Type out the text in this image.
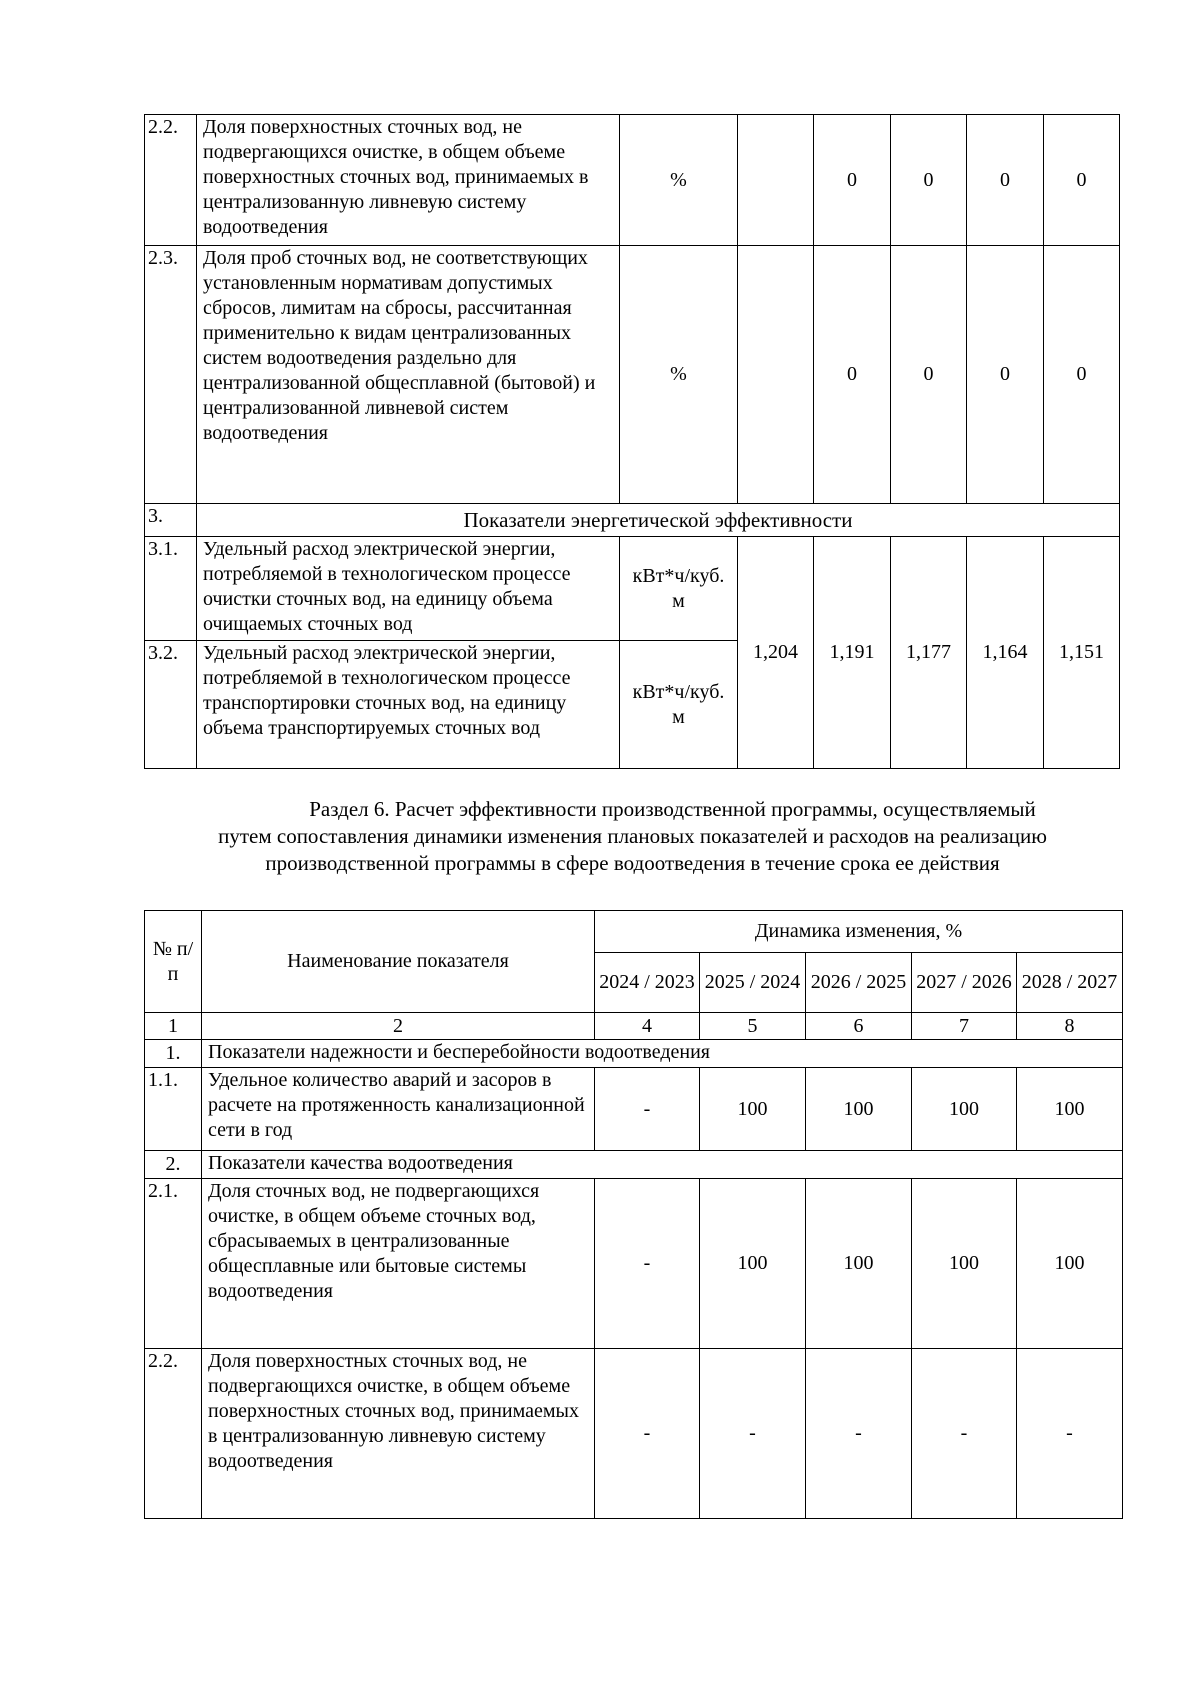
2.2.	Доля поверхностных сточных вод, не подвергающихся очистке, в общем объеме поверхностных сточных вод, принимаемых в централизованную ливневую систему водоотведения	%		0	0	0	0
2.3.	Доля проб сточных вод, не соответствующих установленным нормативам допустимых сбросов, лимитам на сбросы, рассчитанная применительно к видам централизованных систем водоотведения раздельно для централизованной общесплавной (бытовой) и централизованной ливневой систем водоотведения	%		0	0	0	0
3.	Показатели энергетической эффективности						
3.1.	Удельный расход электрической энергии, потребляемой в технологическом процессе очистки сточных вод, на единицу объема очищаемых сточных вод	кВт*ч/куб. м	1,204	1,191	1,177	1,164	1,151
3.2.	Удельный расход электрической энергии, потребляемой в технологическом процессе транспортировки сточных вод, на единицу объема транспортируемых сточных вод	кВт*ч/куб. м					
Раздел 6. Расчет эффективности производственной программы, осуществляемый
путем сопоставления динамики изменения плановых показателей и расходов на реализацию
производственной программы в сфере водоотведения в течение срока ее действия
№ п/п	Наименование показателя	Динамика изменения, %				
		2024 / 2023	2025 / 2024	2026 / 2025	2027 / 2026	2028 / 2027
1	2	4	5	6	7	8
1.	Показатели надежности и бесперебойности водоотведения					
1.1.	Удельное количество аварий и засоров в расчете на протяженность канализационной сети в год	-	100	100	100	100
2.	Показатели качества водоотведения					
2.1.	Доля сточных вод, не подвергающихся очистке, в общем объеме сточных вод, сбрасываемых в централизованные общесплавные или бытовые системы водоотведения	-	100	100	100	100
2.2.	Доля поверхностных сточных вод, не подвергающихся очистке, в общем объеме поверхностных сточных вод, принимаемых в централизованную ливневую систему водоотведения	-	-	-	-	-
